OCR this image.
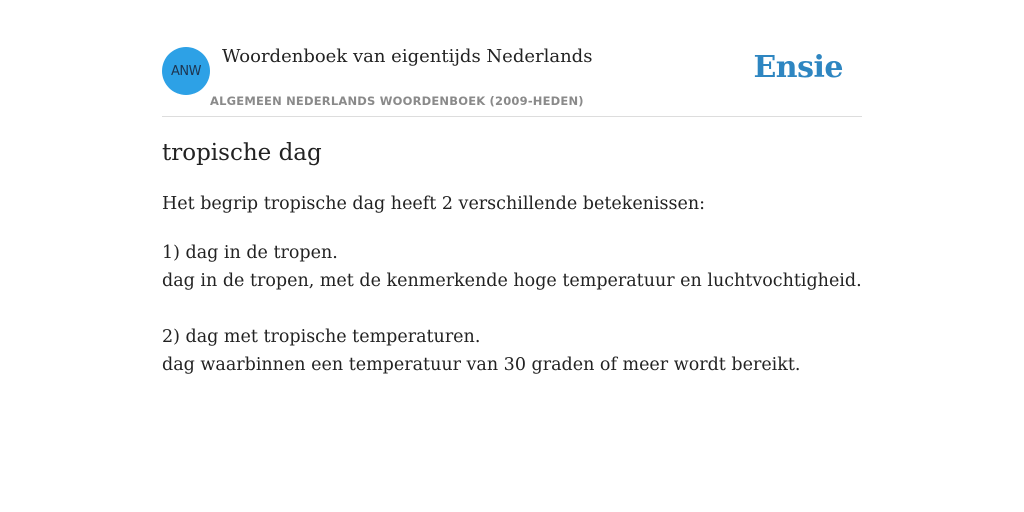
ANW
Woordenboek van eigentijds Nederlands
ALGEMEEN NEDERLANDS WOORDENBOEK (2009-HEDEN)
Ensie
tropische dag
Het begrip tropische dag heeft 2 verschillende betekenissen:
1) dag in de tropen.
dag in de tropen, met de kenmerkende hoge temperatuur en luchtvochtigheid.
2) dag met tropische temperaturen.
dag waarbinnen een temperatuur van 30 graden of meer wordt bereikt.
